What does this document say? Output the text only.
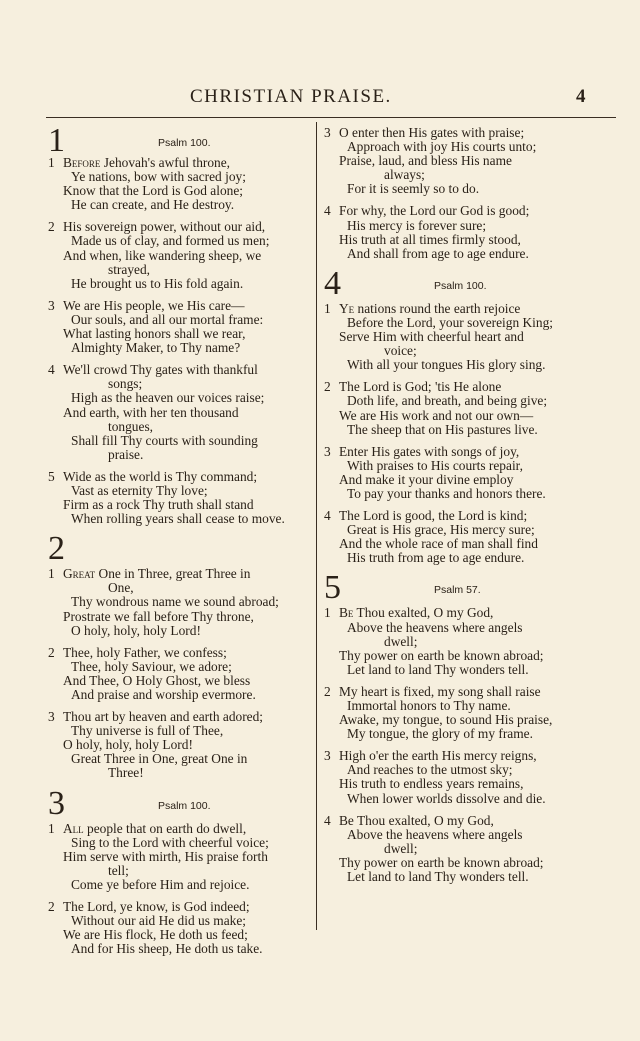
CHRISTIAN PRAISE.	4
1	Psalm 100.
1 Before Jehovah's awful throne,
Ye nations, bow with sacred joy;
Know that the Lord is God alone;
He can create, and He destroy.
2 His sovereign power, without our aid,
Made us of clay, and formed us men;
And when, like wandering sheep, we
strayed,
He brought us to His fold again.
3 We are His people, we His care—
Our souls, and all our mortal frame:
What lasting honors shall we rear,
Almighty Maker, to Thy name?
4 We'll crowd Thy gates with thankful
songs;
High as the heaven our voices raise;
And earth, with her ten thousand
tongues,
Shall fill Thy courts with sounding
praise.
5 Wide as the world is Thy command;
Vast as eternity Thy love;
Firm as a rock Thy truth shall stand
When rolling years shall cease to move.
2
1 Great One in Three, great Three in
One,
Thy wondrous name we sound abroad;
Prostrate we fall before Thy throne,
O holy, holy, holy Lord!
2 Thee, holy Father, we confess;
Thee, holy Saviour, we adore;
And Thee, O Holy Ghost, we bless
And praise and worship evermore.
3 Thou art by heaven and earth adored;
Thy universe is full of Thee,
O holy, holy, holy Lord!
Great Three in One, great One in
Three!
3	Psalm 100.
1 All people that on earth do dwell,
Sing to the Lord with cheerful voice;
Him serve with mirth, His praise forth
tell;
Come ye before Him and rejoice.
2 The Lord, ye know, is God indeed;
Without our aid He did us make;
We are His flock, He doth us feed;
And for His sheep, He doth us take.
3 O enter then His gates with praise;
Approach with joy His courts unto;
Praise, laud, and bless His name
always;
For it is seemly so to do.
4 For why, the Lord our God is good;
His mercy is forever sure;
His truth at all times firmly stood,
And shall from age to age endure.
4	Psalm 100.
1 Ye nations round the earth rejoice
Before the Lord, your sovereign King;
Serve Him with cheerful heart and
voice;
With all your tongues His glory sing.
2 The Lord is God; 'tis He alone
Doth life, and breath, and being give;
We are His work and not our own—
The sheep that on His pastures live.
3 Enter His gates with songs of joy,
With praises to His courts repair,
And make it your divine employ
To pay your thanks and honors there.
4 The Lord is good, the Lord is kind;
Great is His grace, His mercy sure;
And the whole race of man shall find
His truth from age to age endure.
5	Psalm 57.
1 Be Thou exalted, O my God,
Above the heavens where angels
dwell;
Thy power on earth be known abroad;
Let land to land Thy wonders tell.
2 My heart is fixed, my song shall raise
Immortal honors to Thy name.
Awake, my tongue, to sound His praise,
My tongue, the glory of my frame.
3 High o'er the earth His mercy reigns,
And reaches to the utmost sky;
His truth to endless years remains,
When lower worlds dissolve and die.
4 Be Thou exalted, O my God,
Above the heavens where angels
dwell;
Thy power on earth be known abroad;
Let land to land Thy wonders tell.
